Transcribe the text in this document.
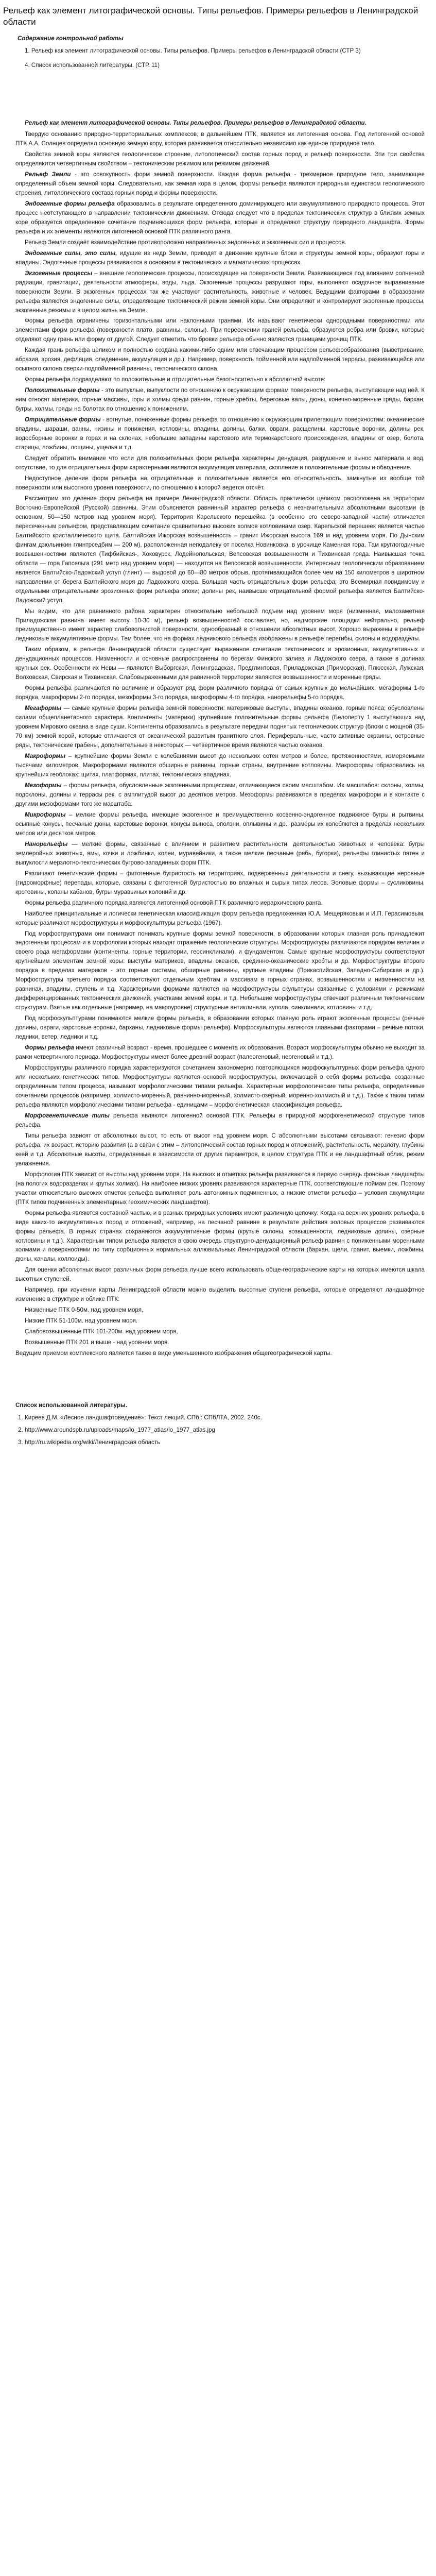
Рельеф как элемент литографической основы. Типы рельефов. Примеры рельефов в Ленинградской области
Содержание контрольной работы
1. Рельеф как элемент литографической основы. Типы рельефов. Примеры рельефов в Ленинградской области (СТР 3)
4. Список использованной литературы. (СТР. 11)
Рельеф как элемент литографической основы. Типы рельефов. Примеры рельефов в Ленинградской области.

Твердую основанию природно-территориальных комплексов, в дальнейшем ПТК, является их литогенная основа. Под литогенной основой ПТК А.А. Солнцев определял основную земную кору, которая развивается относительно независимо как единое природное тело.

Свойства земной коры являются геологическое строение, литологический состав горных пород и рельеф поверхности. Эти три свойства определяются четвертичным свойством – тектоническим режимом или режимом движений.

Рельеф Земли - это совокупность форм земной поверхности. Каждая форма рельефа - трехмерное природное тело, занимающее определенный объем земной коры. Следовательно, как земная кора в целом, формы рельефа являются природным единством геологического строения, литологического состава горных пород и формы поверхности.

Эндогенные формы рельефа образовались в результате определенного доминирующего или аккумулятивного природного процесса. Этот процесс неотступающего в направлении тектоническим движениям. Отсюда следует что в пределах тектонических структур в близких земных коре образуется определенное сочетание подчиняющихся форм рельефа, которые и определяют структуру природного ландшафта. Формы рельефа и их элементы являются литогенной основой ПТК различного ранга.

Рельеф Земли создаёт взаимодействие противоположно направленных эндогенных и экзогенных сил и процессов.

Эндогенные силы, это силы, идущие из недр Земли, приводят в движение крупные блоки и структуры земной коры, образуют горы и впадины. Эндогенные процессы развиваются в основном в тектонических и магматических процессах.

Экзогенные процессы – внешние геологические процессы, происходящие на поверхности Земли. Развивающиеся под влиянием солнечной радиации, гравитации, деятельности атмосферы, воды, льда. Экзогенные процессы разрушают горы, выполняют осадочное выравнивание поверхности Земли. В экзогенных процессах так же участвуют растительность, животные и человек. Ведущими факторами в образовании рельефа являются эндогенные силы, определяющие тектонический режим земной коры. Они определяют и контролируют экзогенные процессы, экзогенные режимы и в целом жизнь на Земле.

Формы рельефа ограничены горизонтальными или наклонными гранями. Их называют генетически однородными поверхностями или элементами форм рельефа (поверхности плато, равнины, склоны). При пересечении граней рельефа, образуются ребра или бровки, которые отделяют одну грань или форму от другой. Следует отметить что бровки рельефа обычно являются границами урочищ ПТК.

Каждая грань рельефа целиком и полностью создана какими-либо одним или отвечающим процессом рельефообразования (выветривание, абразия, эрозия, дефляция, оледенение, аккумуляция и др.). Например, поверхность пойменной или надпойменной террасы, развивающейся или осыпного склона сверхи-подпойменной равнины, тектонического склона.

Формы рельефа подразделяют по положительные и отрицательные безотносительно к абсолютной высоте:

Положительные формы - это выпуклые, выпуклости по отношению к окружающим формам поверхности рельефа, выступающие над ней. К ним относят материки, горные массивы, горы и холмы среди равнин, горные хребты, береговые валы, дюны, конечно-моренные гряды, бархан, бугры, холмы, гряды на болотах по отношению к понижениям.

Отрицательные формы - вогнутые, пониженные формы рельефа по отношению к окружающим прилегающим поверхностям: океанические впадины, шараши, ванны, низины и понижения, котловины, впадины, долины, балки, овраги, расщелины, карстовые воронки, долины рек, водосборные воронки в горах и на склонах, небольшие западины карстового или термокарстового происхождения, впадины от озер, болота, старицы, ложбины, лощины, ущелья и т.д.

Следует обратить внимание что если для положительных форм рельефа характерны денудация, разрушение и вынос материала и вод, отсутствие, то для отрицательных форм характерными являются аккумуляция материала, скопление и положительные формы и обводнение.

Недоступное деление форм рельефа на отрицательные и положительные является его относительность, замкнутые из вообще той поверхности или высотного уровня поверхности, по отношению к которой ведется отсчёт.

Рассмотрим это деление форм рельефа на примере Ленинградской области. Область практически целиком расположена на территории Восточно-Европейской (Русской) равнины. Этим объясняется равнинный характер рельефа с незначительными абсолютными высотами (в основном, 50—150 метров над уровнем моря). Территория Карельского перешейка (в особенно его северо-западной части) отличается пересеченным рельефом, представляющим сочетание сравнительно высоких холмов котловинами озёр. Карельской перешеек является частью Балтийского кристаллического щита. Балтийская Ижорская возвышенность – гранит Ижорская высота 169 м над уровнем моря. По Дынским фингам дзюльинкин глинтрседбим — 200 м), расположенная неподалеку от поселка Новинковка, в урочище Каменная гора. Там круглогодичные возвышенностями являются (Тифбийская-, Хоковурск, Лодейнопольская, Вепсовская возвышенности и Тихвинская гряда. Наивысшая точка области — гора Гапсельга (291 метр над уровнем моря) — находится на Вепсовской возвышенности. Интересным геологическим образованием является Балтийско-Ладожский уступ (глинт) — выдовой до 60—80 метров обрыв, протягивающийся более чем на 150 километров в широтном направлении от берега Балтийского моря до Ладожского озера. Большая часть отрицательных форм рельефа; это Всемирная повидимому и отдельными отрицательными эрозионных форм рельефа эпохи; долины рек, наивысше отрицательной формой рельефа является Балтийско-Ладожский уступ.

Мы видим, что для равнинного района характерен относительно небольшой подъем над уровнем моря (низменная, малозаметная Приладожская равнина имеет высоту 10-30 м), рельеф возвышенностей составляет, но, надморские площадки нейтрально, рельеф преимущественно имеет характер слабоволнистой поверхности, однообразный в отношении абсолютных высот. Хорошо выражены в рельефе ледниковые аккумулятивные формы. Тем более, что на формах ледникового рельефа изображены в рельефе перегибы, склоны и водоразделы.

Таким образом, в рельефе Ленинградской области существует выраженное сочетание тектонических и эрозионных, аккумулятивных и денудационных процессов. Низменности и основные распространены по берегам Финского залива и Ладожского озера, а также в долинах крупных рек. Особенности их Невы — являются Выборгская, Ленинградская, Предглинтовая, Приладожская (Приморская), Плюсская, Лужская, Волховская, Свирская и Тихвинская. Слабовыраженными для равнинной территории являются возвышенности и моренные гряды.

Формы рельефа различаются по величине и образуют ряд форм различного порядка от самых крупных до мельчайших; мегаформы 1-го порядка, макроформы 2-го порядка, мезоформы 3-го порядка, микроформы 4-го порядка, нанорельефы 5-го порядка.

Мегаформы — самые крупные формы рельефа земной поверхности: материковые выступы, впадины океанов, горные пояса; обусловлены силами общепланетарного характера. Контингенты (материки) крупнейшие положительные формы рельефа (Белопер'гу 1 выступающих над уровнем Мирового океана в виде суши. Контингенты образовались в результате передачи поднятых тектонических структур (блоки с мощной (35-70 км) земной корой, которые отличаются от океанической развитым гранитного слоя. Перифераль-ные, часто активные окраины, островные ряды, тектонические грабены, дополнительные в некоторых — четвертичное время являются частью океанов.

Макроформы – крупнейшие формы Земли с колебаниями высот до нескольких сотен метров и более, протяженностями, измеряемыми тысячами километров. Макроформами являются обширные равнины, горные страны, внутренние котловины. Макроформы образовались на крупнейших геоблоках: щитах, платформах, плитах, тектонических впадинах.

Мезоформы – формы рельефа, обусловленные экзогенными процессами, отличающиеся своим масштабом. Их масштабов: склоны, холмы, подсклоны, долины и террасы рек, с амплитудой высот до десятков метров. Мезоформы развиваются в пределах макроформ и в контакте с другими мезоформами того же масштаба.

Микроформы – мелкие формы рельефа, имеющие экзогенное и преимущественно косвенно-эндогенное подвижное бугры и рытвины, осыпные конусы, песчаные дюны, карстовые воронки, конусы выноса, оползни, оплывины и др.; размеры их колеблются в пределах нескольких метров или десятков метров.

Нанорельефы — мелкие формы, связанные с влиянием и развитием растительности, деятельностью животных и человека: бугры землеройных животных, ямы, кочки и ложбинки, колеи, муравейники, а также мелкие песчаные (рябь, бугорки), рельефы глинистых пятен и выпуклости мерзлотно-тектонических бугрово-западинных форм ПТК.

Различают генетические формы – фитогенные бугристость на территориях, подверженных деятельности и снегу, вызывающие неровные (гидроморфные) перепады, которые, связаны с фитогенной бугристостью во влажных и сырых типах лесов. Эоловые формы – сусликовины, кротовины, копаны хабанов, бугры муравьиных колоний и др.

Формы рельефа различного порядка являются литогенной основой ПТК различного иерархического ранга.

Наиболее принципиальные и логически генетическая классификация форм рельефа предложенная Ю.А. Мещеряковым и И.П. Герасимовым, которые различают морфоструктуры и морфоскульптуры рельефа (1967).

Под морфоструктурами они понимают понимать крупные формы земной поверхности, в образовании которых главная роль принадлежит эндогенным процессам и в морфологии которых находят отражение геологические структуры. Морфоструктуры различаются порядком величин и своего рода мегаформами (континенты, горные территории, геосинклинали), и фундаментом. Самые крупные морфоструктуры соответствуют крупнейшим элементам земной коры: выступы материков, впадины океанов, срединно-океанические хребты и др. Морфоструктуры второго порядка в пределах материков - это горные системы, обширные равнины, крупные впадины (Прикаспийская, Западно-Сибирская и др.). Морфоструктуры третьего порядка соответствуют отдельным хребтам и массивам в горных странах, возвышенностям и низменностям на равнинах, впадины, ступень и т.д. Характерными формами являются на морфоструктуры скульптуры связанные с условиями и режимами дифференцированных тектонических движений, участками земной коры, и т.д. Небольшие морфоструктуры отвечают различным тектоническим структурам. Взятые как отдельные (например, на макроуровне) структурные антиклинали, купола, синклинали, котловины и т.д.

Под морфоскульптурами понимаются мелкие формы рельефа, в образовании которых главную роль играют экзогенные процессы (речные долины, овраги, карстовые воронки, барханы, ледниковые формы рельефа). Морфоскульптуры являются главными факторами – речные потоки, ледники, ветер, ледники и т.д.

Формы рельефа имеют различный возраст - время, прошедшее с момента их образования. Возраст морфоскульптуры обычно не выходит за рамки четвертичного периода. Морфоструктуры имеют более древний возраст (палеогеновый, неогеновый и т.д.).

Морфоструктуры различного порядка характеризуются сочетанием закономерно повторяющихся морфоскульптурных форм рельефа одного или нескольких генетических типов. Морфоструктуры являются основой морфоструктуры, включающей в себя формы рельефа, созданные определенным типом процесса, называют морфологическими типами рельефа. Характерные морфологические типы рельефа, определяемые сочетанием процессов (например, холмисто-моренный, равнинно-моренный, холмисто-озерный, моренно-холмистый и т.д.). Также к таким типам рельефа являются морфологическими типами рельефа - единицами – морфогенетическая классификация рельефа.

Морфогенетические типы рельефа являются литогенной основой ПТК. Рельефы в природной морфогенетической структуре типов рельефа.

Типы рельефа зависят от абсолютных высот, то есть от высот над уровнем моря. С абсолютными высотами связывают: генезис форм рельефа, их возраст, историю развития (а в связи с этим – литологический состав горных пород и отложений), растительность, мерзлоту, глубины кеей и т.д. Абсолютные высоты, определяемые в зависимости от других параметров, в целом структура ПТК и ее ландшафтный облик, режим увлажнения.

Морфология ПТК зависит от высоты над уровнем моря. На высоких и отметках рельефа развиваются в первую очередь фоновые ландшафты (на пологих водоразделах и крутых холмах). На наиболее низких уровнях развиваются характерные ПТК, соответствующие поймам рек. Поэтому участки относительно высоких отметок рельефа выполняют роль автономных подчиненных, а низкие отметки рельефа – условия аккумуляции (ПТК типов подчиненных элементарных геохимических ландшафтов).

Формы рельефа являются составной частью, и в разных природных условиях имеют различную цепочку: Когда на верхних уровнях рельефа, в виде каких-то аккумулятивных пород и отложений, например, на песчаной равнине в результате действия эоловых процессов развиваются формы рельефа. В горных странах сохраняются аккумулятивные формы (крутые склоны, возвышенности, ледниковые долины, озерные котловины и т.д.). Характерным типом рельефа является в свою очередь структурно-денудационный рельеф равнин с пониженными моренными холмами и поверхностями по типу сорбционных нормальных аллювиальных Ленинградской области (бархан, щели, гранит, выемки, ложбины, дюны, каналы, коллоиды).

Для оценки абсолютных высот различных форм рельефа лучше всего использовать обще-географические карты на которых имеются шкала высотных ступеней.

Например, при изучении карты Ленинградской области можно выделить высотные ступени рельефа, которые определяют ландшафтное изменение в структуре и облике ПТК:

Низменные ПТК 0-50м. над уровнем моря,
Низкие ПТК 51-100м. над уровнем моря.
Слабовозвышенные ПТК 101-200м. над уровнем моря,
Возвышенные ПТК 201 и выше - над уровнем моря.

Ведущим приемом комплексного является также в виде уменьшенного изображения общегеографической карты.

Список использованной литературы.
1. Киреев Д.М. «Лесное ландшафтоведение»: Текст лекций. СПб.: СПбЛТА, 2002. 240с.
2. http://www.aroundspb.ru/uploads/maps/lo_1977_atlas/lo_1977_atlas.jpg
3. http://ru.wikipedia.org/wiki/Ленинградская область
